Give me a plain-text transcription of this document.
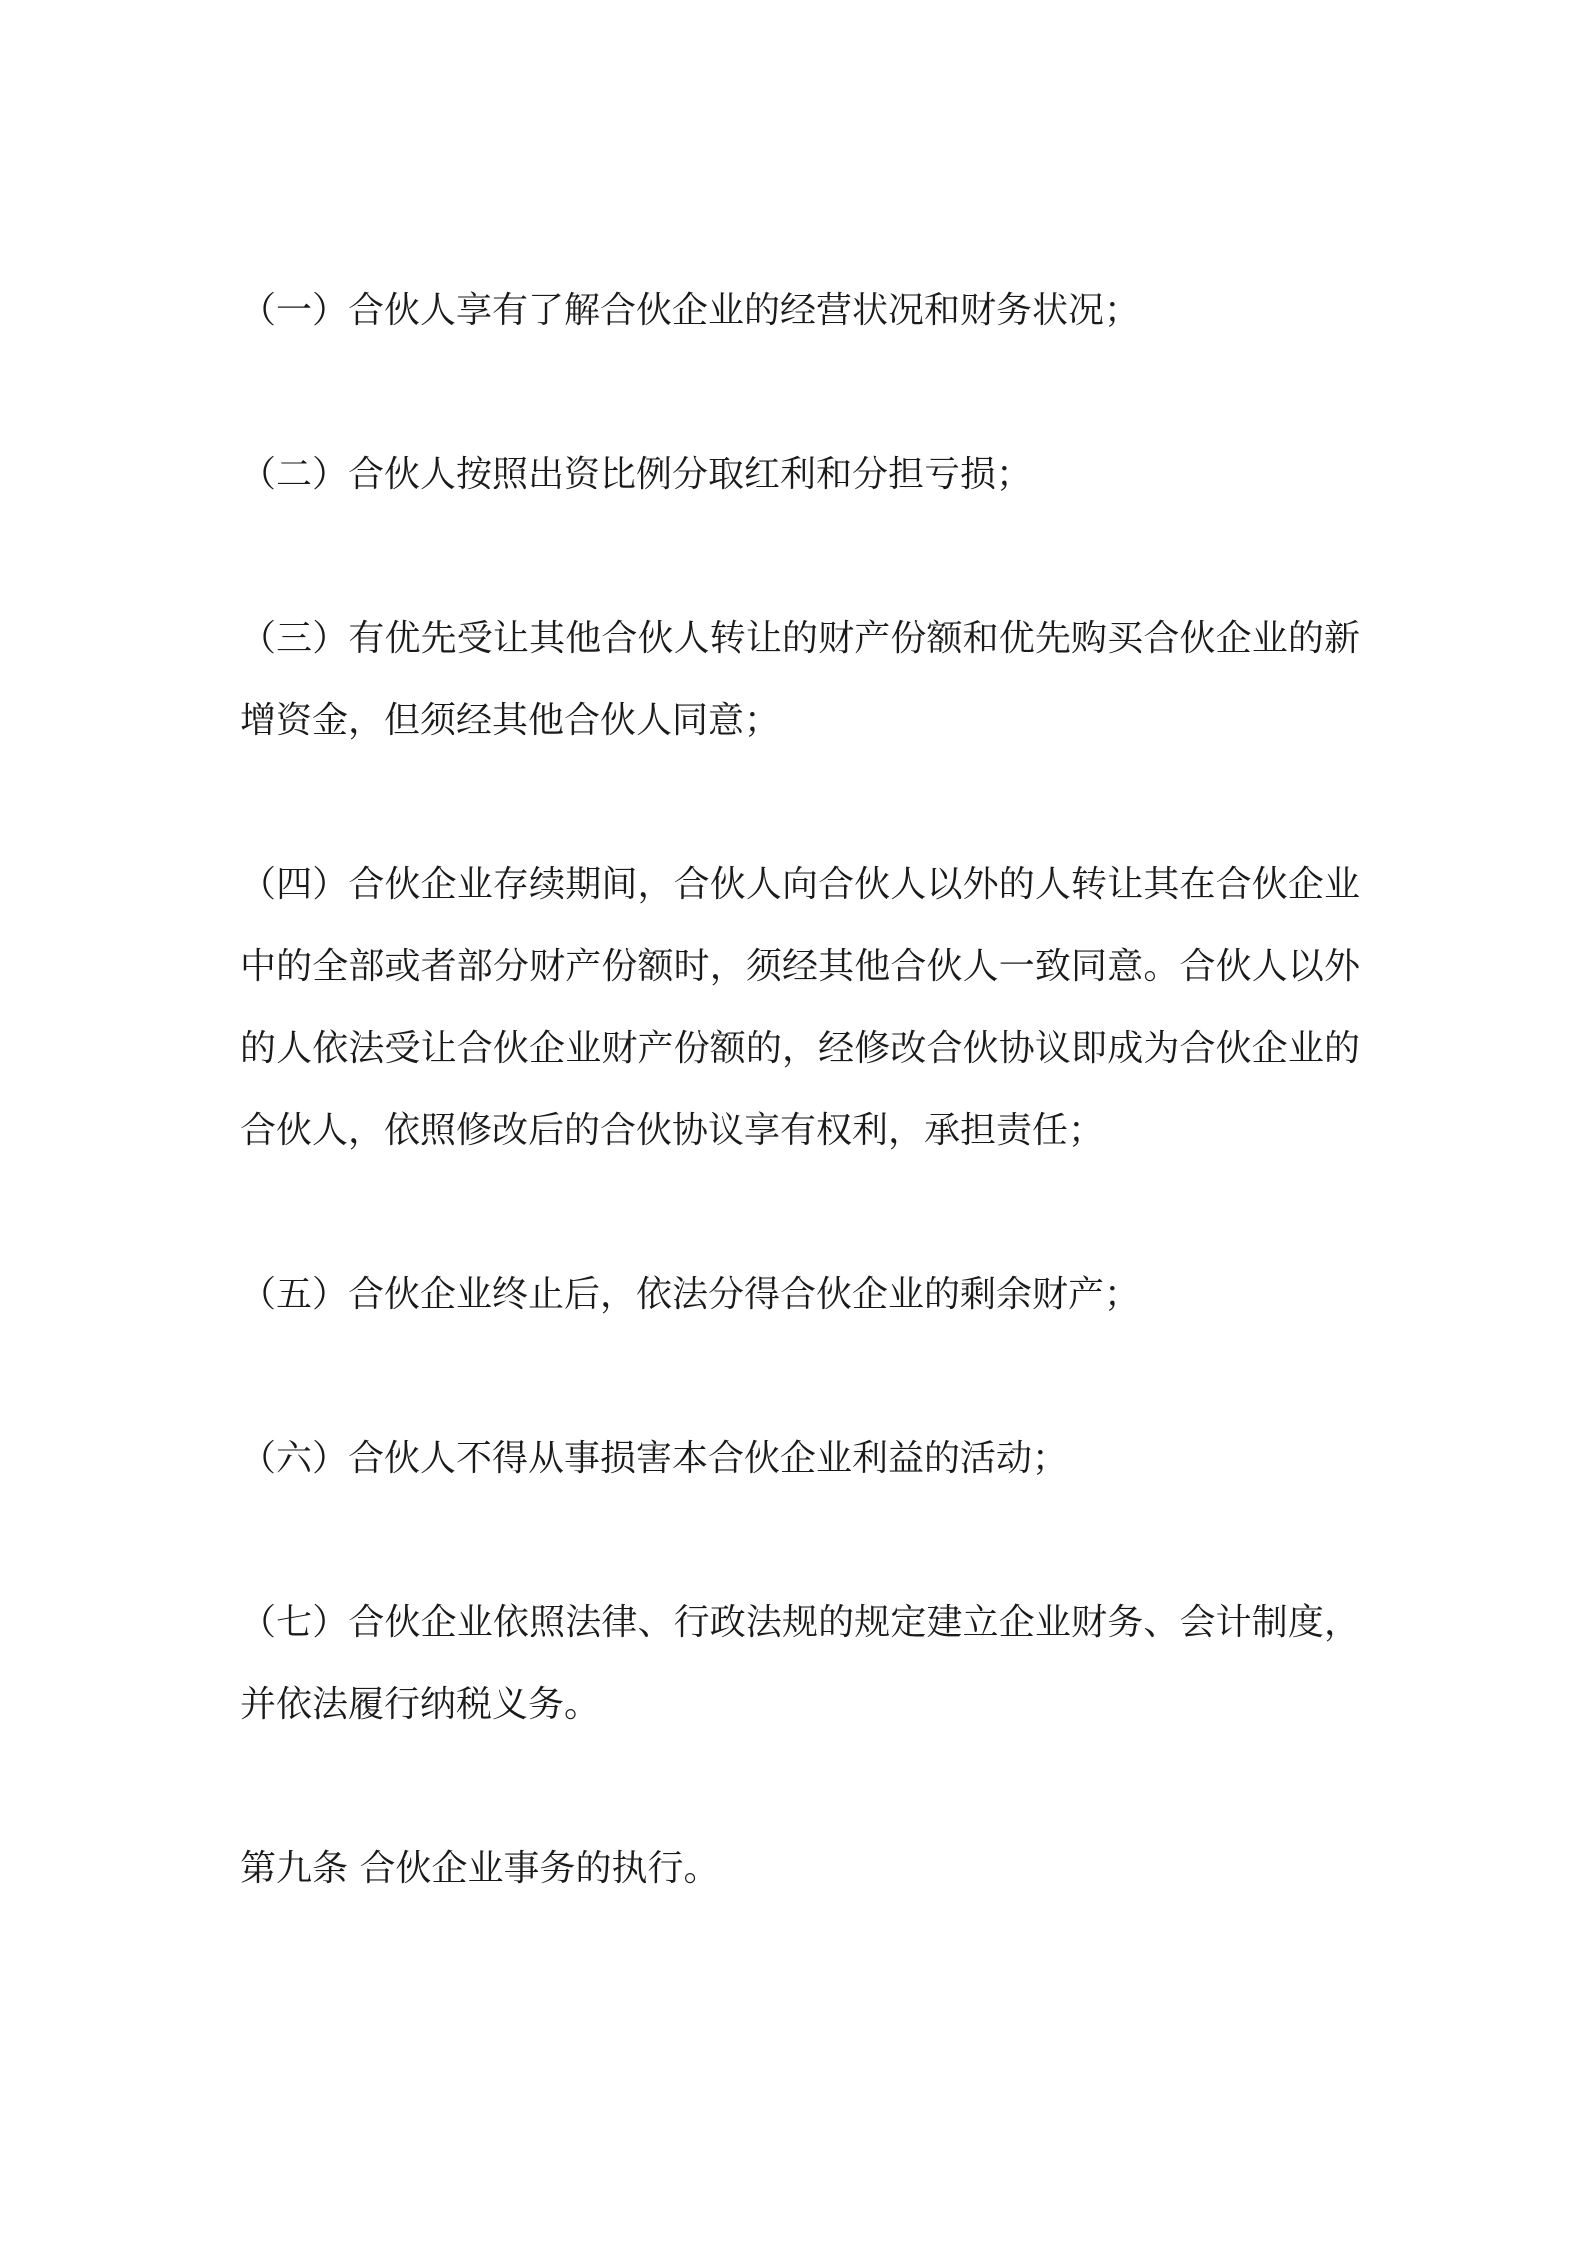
（一）合伙人享有了解合伙企业的经营状况和财务状况；

（二）合伙人按照出资比例分取红利和分担亏损；

（三）有优先受让其他合伙人转让的财产份额和优先购买合伙企业的新增资金，但须经其他合伙人同意；

（四）合伙企业存续期间，合伙人向合伙人以外的人转让其在合伙企业中的全部或者部分财产份额时，须经其他合伙人一致同意。合伙人以外的人依法受让合伙企业财产份额的，经修改合伙协议即成为合伙企业的合伙人，依照修改后的合伙协议享有权利，承担责任；

（五）合伙企业终止后，依法分得合伙企业的剩余财产；

（六）合伙人不得从事损害本合伙企业利益的活动；

（七）合伙企业依照法律、行政法规的规定建立企业财务、会计制度，并依法履行纳税义务。

第九条 合伙企业事务的执行。
